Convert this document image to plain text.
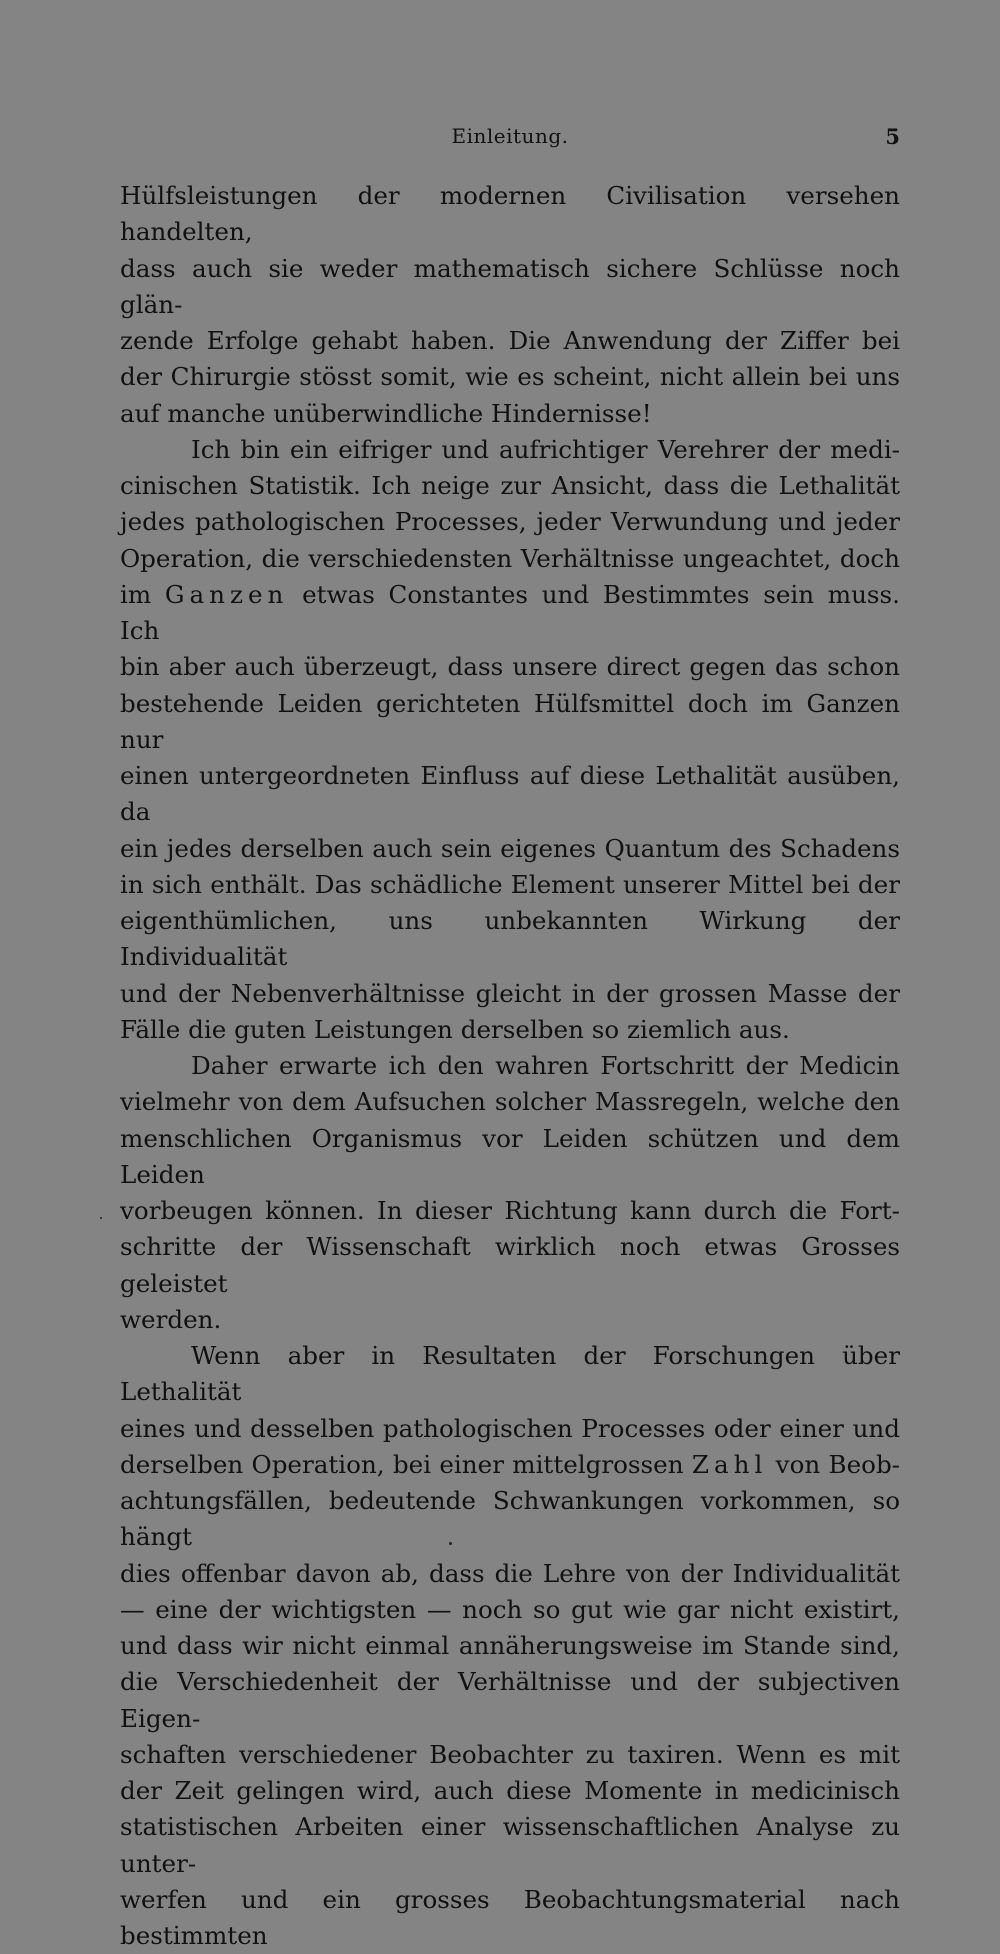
Einleitung.	5

Hülfsleistungen der modernen Civilisation versehen handelten,

dass auch sie weder mathematisch sichere Schlüsse noch glän-

zende Erfolge gehabt haben. Die Anwendung der Ziffer bei

der Chirurgie stösst somit, wie es scheint, nicht allein bei uns

auf manche unüberwindliche Hindernisse!

Ich bin ein eifriger und aufrichtiger Verehrer der medi-

cinischen Statistik. Ich neige zur Ansicht, dass die Lethalität

jedes pathologischen Processes, jeder Verwundung und jeder

Operation, die verschiedensten Verhältnisse ungeachtet, doch

im Ganzen etwas Constantes und Bestimmtes sein muss. Ich

bin aber auch überzeugt, dass unsere direct gegen das schon

bestehende Leiden gerichteten Hülfsmittel doch im Ganzen nur

einen untergeordneten Einfluss auf diese Lethalität ausüben, da

ein jedes derselben auch sein eigenes Quantum des Schadens

in sich enthält. Das schädliche Element unserer Mittel bei der

eigenthümlichen, uns unbekannten Wirkung der Individualität

und der Nebenverhältnisse gleicht in der grossen Masse der

Fälle die guten Leistungen derselben so ziemlich aus.

Daher erwarte ich den wahren Fortschritt der Medicin

vielmehr von dem Aufsuchen solcher Massregeln, welche den

menschlichen Organismus vor Leiden schützen und dem Leiden

vorbeugen können. In dieser Richtung kann durch die Fort-

schritte der Wissenschaft wirklich noch etwas Grosses geleistet

werden.

Wenn aber in Resultaten der Forschungen über Lethalität

eines und desselben pathologischen Processes oder einer und

derselben Operation, bei einer mittelgrossen Zahl von Beob-

achtungsfällen, bedeutende Schwankungen vorkommen, so hängt

dies offenbar davon ab, dass die Lehre von der Individualität

— eine der wichtigsten — noch so gut wie gar nicht existirt,

und dass wir nicht einmal annäherungsweise im Stande sind,

die Verschiedenheit der Verhältnisse und der subjectiven Eigen-

schaften verschiedener Beobachter zu taxiren. Wenn es mit

der Zeit gelingen wird, auch diese Momente in medicinisch

statistischen Arbeiten einer wissenschaftlichen Analyse zu unter-

werfen und ein grosses Beobachtungsmaterial nach bestimmten
